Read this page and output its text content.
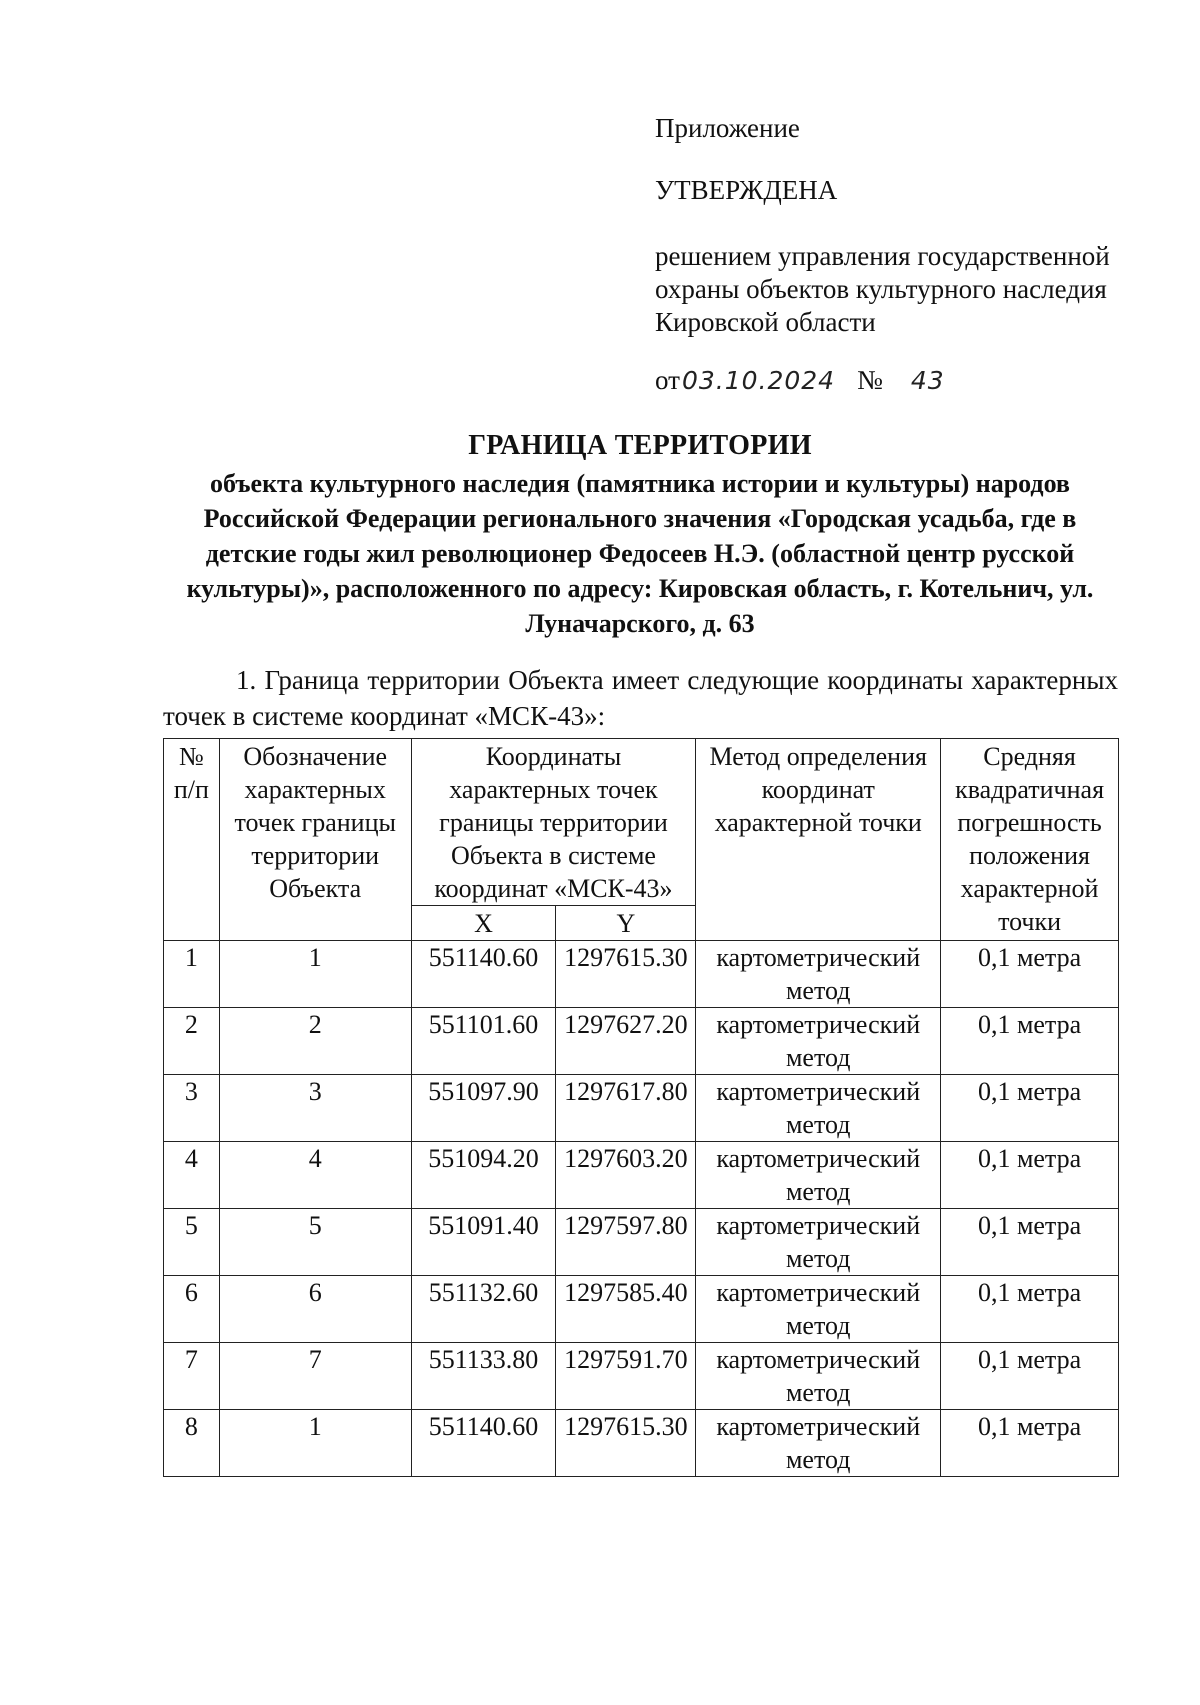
Приложение
УТВЕРЖДЕНА
решением управления государственной охраны объектов культурного наследия Кировской области
от03.10.2024 № 43
ГРАНИЦА ТЕРРИТОРИИ
объекта культурного наследия (памятника истории и культуры) народов Российской Федерации регионального значения «Городская усадьба, где в детские годы жил революционер Федосеев Н.Э. (областной центр русской культуры)», расположенного по адресу: Кировская область, г. Котельнич, ул. Луначарского, д. 63
1. Граница территории Объекта имеет следующие координаты характерных точек в системе координат «МСК-43»:
№ п/п	Обозначение характерных точек границы территории Объекта	Координаты характерных точек границы территории Объекта в системе координат «МСК-43»		Метод определения координат характерной точки	Средняя квадратичная погрешность положения характерной точки
		X	Y		
1	1	551140.60	1297615.30	картометрический метод	0,1 метра
2	2	551101.60	1297627.20	картометрический метод	0,1 метра
3	3	551097.90	1297617.80	картометрический метод	0,1 метра
4	4	551094.20	1297603.20	картометрический метод	0,1 метра
5	5	551091.40	1297597.80	картометрический метод	0,1 метра
6	6	551132.60	1297585.40	картометрический метод	0,1 метра
7	7	551133.80	1297591.70	картометрический метод	0,1 метра
8	1	551140.60	1297615.30	картометрический метод	0,1 метра
